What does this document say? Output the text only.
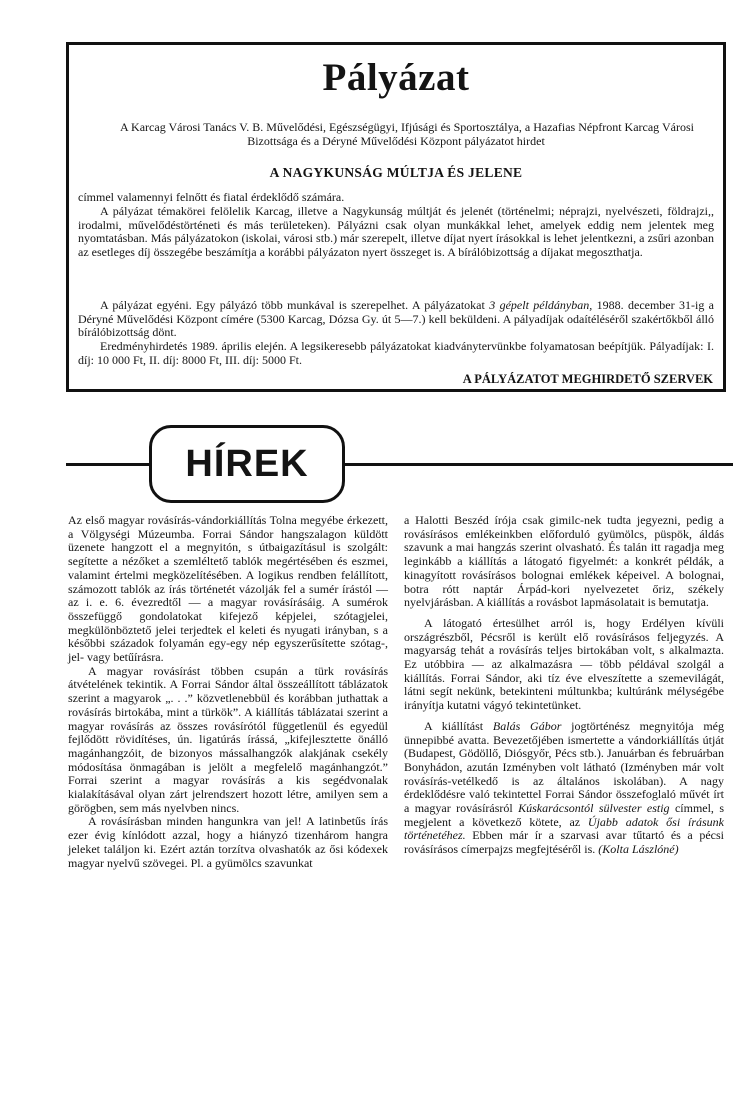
Pályázat

A Karcag Városi Tanács V. B. Művelődési, Egészségügyi, Ifjúsági és Sportosztálya, a Hazafias Népfront Karcag Városi Bizottsága és a Déryné Művelődési Központ pályázatot hirdet

A NAGYKUNSÁG MÚLTJA ÉS JELENE

címmel valamennyi felnőtt és fiatal érdeklődő számára.

A pályázat témakörei felölelik Karcag, illetve a Nagykunság múltját és jelenét (történelmi; néprajzi, nyelvészeti, földrajzi,, irodalmi, művelődéstörténeti és más területeken). Pályázni csak olyan munkákkal lehet, amelyek eddig nem jelentek meg nyomtatásban. Más pályázatokon (iskolai, városi stb.) már szerepelt, illetve díjat nyert írásokkal is lehet jelentkezni, a zsűri azonban az esetleges díj összegébe beszámítja a korábbi pályázaton nyert összeget is. A bírálóbizottság a díjakat megoszthatja.

A pályázat egyéni. Egy pályázó több munkával is szerepelhet. A pályázatokat 3 gépelt példányban, 1988. december 31-ig a Déryné Művelődési Központ címére (5300 Karcag, Dózsa Gy. út 5—7.) kell beküldeni. A pályadíjak odaítéléséről szakértőkből álló bírálóbizottság dönt.

Eredményhirdetés 1989. április elején. A legsikeresebb pályázatokat kiadványtervünkbe folyamatosan beépítjük. Pályadíjak: I. díj: 10 000 Ft, II. díj: 8000 Ft, III. díj: 5000 Ft.

A PÁLYÁZATOT MEGHIRDETŐ SZERVEK
HÍREK

Az első magyar rovásírás-vándorkiállítás Tolna megyébe érkezett, a Völgységi Múzeumba. Forrai Sándor hangszalagon küldött üzenete hangzott el a megnyitón, s útbaigazításul is szolgált: segítette a nézőket a szemléltető tablók megértésében és eszmei, valamint értelmi megközelítésében. A logikus rendben felállított, számozott tablók az írás történetét vázolják fel a sumér írástól — az i. e. 6. évezredtől — a magyar rovásírásáig. A sumérok összefüggő gondolatokat kifejező képjelei, szótagjelei, megkülönböztető jelei terjedtek el keleti és nyugati irányban, s a későbbi századok folyamán egy-egy nép egyszerűsítette szótag-, jel- vagy betűírásra.

A magyar rovásírást többen csupán a türk rovásírás átvételének tekintik. A Forrai Sándor által összeállított táblázatok szerint a magyarok „. . .” közvetlenebbül és korábban juthattak a rovásírás birtokába, mint a türkök”. A kiállítás táblázatai szerint a magyar rovásírás az összes rovásírótól függetlenül és egyedül fejlődött rövidítéses, ún. ligatúrás írássá, „kifejlesztette önálló magánhangzóit, de bizonyos mássalhangzók alakjának csekély módosítása önmagában is jelölt a megfelelő magánhangzót.” Forrai szerint a magyar rovásírás a kis segédvonalak kialakításával olyan zárt jelrendszert hozott létre, amilyen sem a görögben, sem más nyelvben nincs.

A rovásírásban minden hangunkra van jel! A latinbetűs írás ezer évig kínlódott azzal, hogy a hiányzó tizenhárom hangra jeleket találjon ki. Ezért aztán torzítva olvashatók az ősi kódexek magyar nyelvű szövegei. Pl. a gyümölcs szavunkat

a Halotti Beszéd írója csak gimilc-nek tudta jegyezni, pedig a rovásírásos emlékeinkben előforduló gyümölcs, püspök, áldás szavunk a mai hangzás szerint olvasható. És talán itt ragadja meg leginkább a kiállítás a látogató figyelmét: a konkrét példák, a kinagyított rovásírásos bolognai emlékek képeivel. A bolognai, botra rótt naptár Árpád-kori nyelvezetet őriz, székely nyelvjárásban. A kiállítás a rovásbot lapmásolatait is bemutatja.

A látogató értesülhet arról is, hogy Erdélyen kívüli országrészből, Pécsről is került elő rovásírásos feljegyzés. A magyarság tehát a rovásírás teljes birtokában volt, s alkalmazta. Ez utóbbira — az alkalmazásra — több példával szolgál a kiállítás. Forrai Sándor, aki tíz éve elveszítette a szemevilágát, látni segít nekünk, betekinteni múltunkba; kultúránk mélységébe irányítja kutatni vágyó tekintetünket.

A kiállítást Balás Gábor jogtörténész megnyitója még ünnepibbé avatta. Bevezetőjében ismertette a vándorkiállítás útját (Budapest, Gödöllő, Diósgyőr, Pécs stb.). Januárban és februárban Bonyhádon, azután Izményben volt látható (Izményben már volt rovásírás-vetélkedő is az általános iskolában). A nagy érdeklődésre való tekintettel Forrai Sándor összefoglaló művét írt a magyar rovásírásról Kúskarácsontól sülvester estig címmel, s megjelent a következő kötete, az Újabb adatok ősi írásunk történetéhez. Ebben már ír a szarvasi avar tűtartó és a pécsi rovásírásos címerpajzs megfejtéséről is. (Kolta Lászlóné)
